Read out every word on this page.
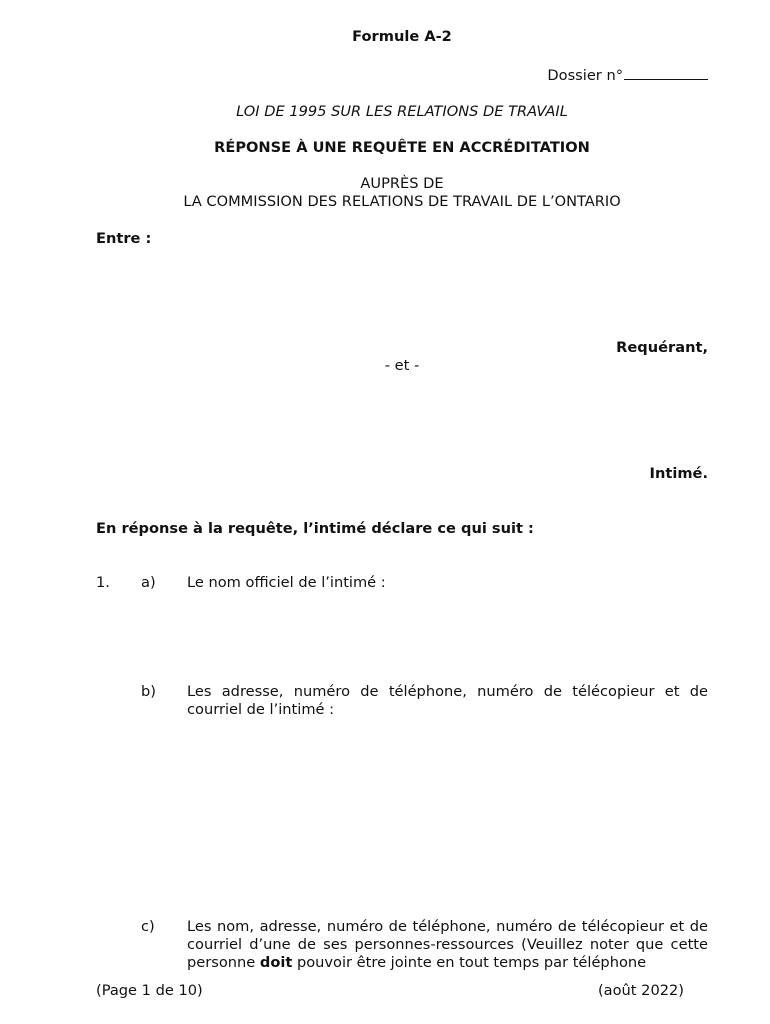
Formule A-2
Dossier n°
LOI DE 1995 SUR LES RELATIONS DE TRAVAIL
RÉPONSE À UNE REQUÊTE EN ACCRÉDITATION
AUPRÈS DE
LA COMMISSION DES RELATIONS DE TRAVAIL DE L’ONTARIO
Entre :
Requérant,
- et -
Intimé.
En réponse à la requête, l’intimé déclare ce qui suit :
1. a) Le nom officiel de l’intimé :
b) Les adresse, numéro de téléphone, numéro de télécopieur et de courriel de l’intimé :
c) Les nom, adresse, numéro de téléphone, numéro de télécopieur et de courriel d’une de ses personnes-ressources (Veuillez noter que cette personne doit pouvoir être jointe en tout temps par téléphone
(Page 1 de 10)	(août 2022)
